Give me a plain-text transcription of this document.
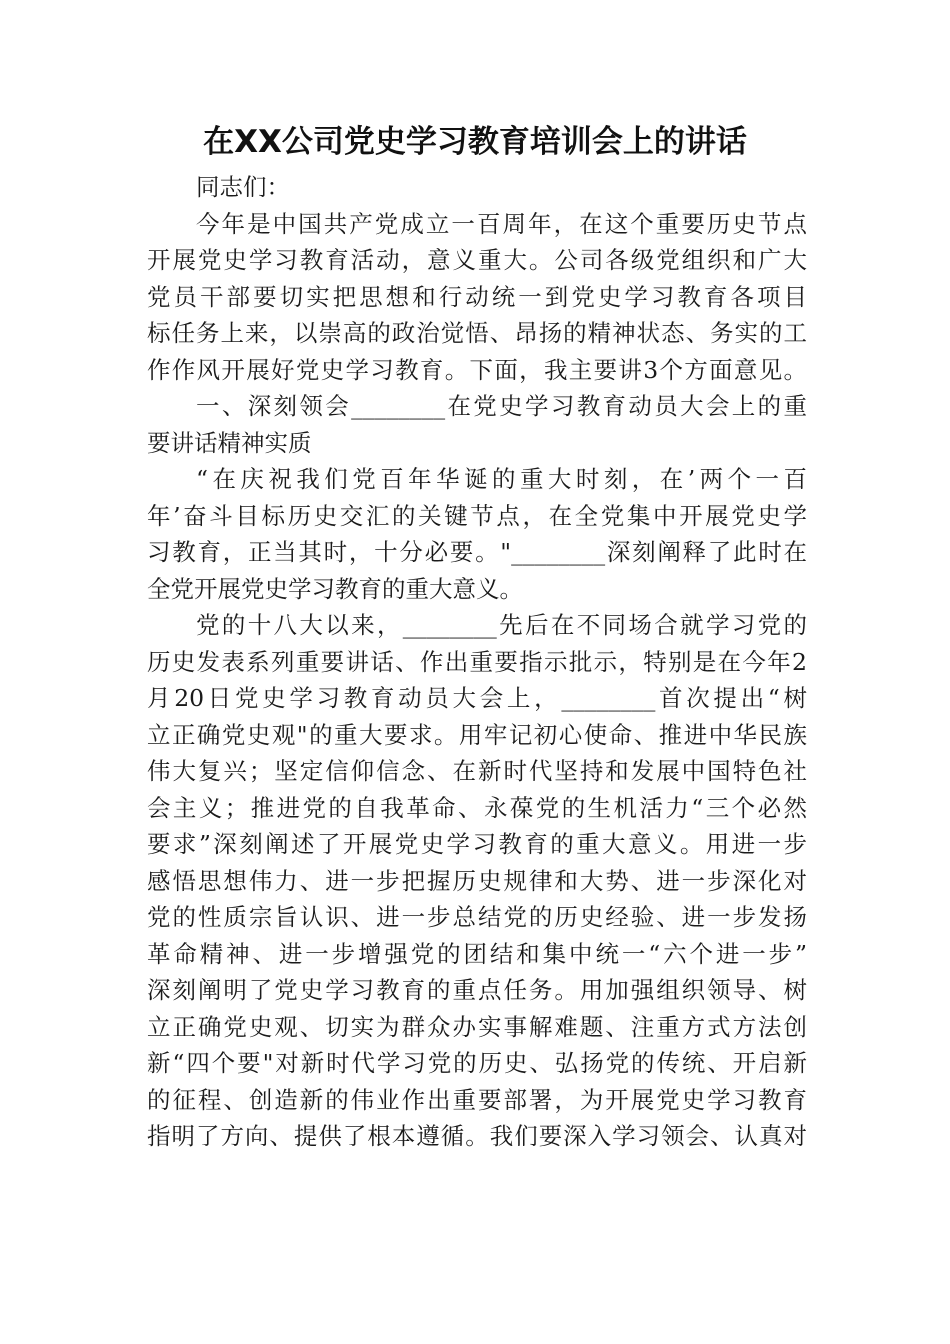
在XX公司党史学习教育培训会上的讲话
同志们：
今年是中国共产党成立一百周年，在这个重要历史节点
开展党史学习教育活动，意义重大。公司各级党组织和广大
党员干部要切实把思想和行动统一到党史学习教育各项目
标任务上来，以崇高的政治觉悟、昂扬的精神状态、务实的工
作作风开展好党史学习教育。下面，我主要讲3个方面意见。
一、深刻领会________在党史学习教育动员大会上的重
要讲话精神实质
“在庆祝我们党百年华诞的重大时刻，在’两个一百
年’奋斗目标历史交汇的关键节点，在全党集中开展党史学
习教育，正当其时，十分必要。"________深刻阐释了此时在
全党开展党史学习教育的重大意义。
党的十八大以来，________先后在不同场合就学习党的
历史发表系列重要讲话、作出重要指示批示，特别是在今年2
月20日党史学习教育动员大会上，________首次提出“树
立正确党史观"的重大要求。用牢记初心使命、推进中华民族
伟大复兴；坚定信仰信念、在新时代坚持和发展中国特色社
会主义；推进党的自我革命、永葆党的生机活力“三个必然
要求”深刻阐述了开展党史学习教育的重大意义。用进一步
感悟思想伟力、进一步把握历史规律和大势、进一步深化对
党的性质宗旨认识、进一步总结党的历史经验、进一步发扬
革命精神、进一步增强党的团结和集中统一“六个进一步”
深刻阐明了党史学习教育的重点任务。用加强组织领导、树
立正确党史观、切实为群众办实事解难题、注重方式方法创
新“四个要"对新时代学习党的历史、弘扬党的传统、开启新
的征程、创造新的伟业作出重要部署，为开展党史学习教育
指明了方向、提供了根本遵循。我们要深入学习领会、认真对
